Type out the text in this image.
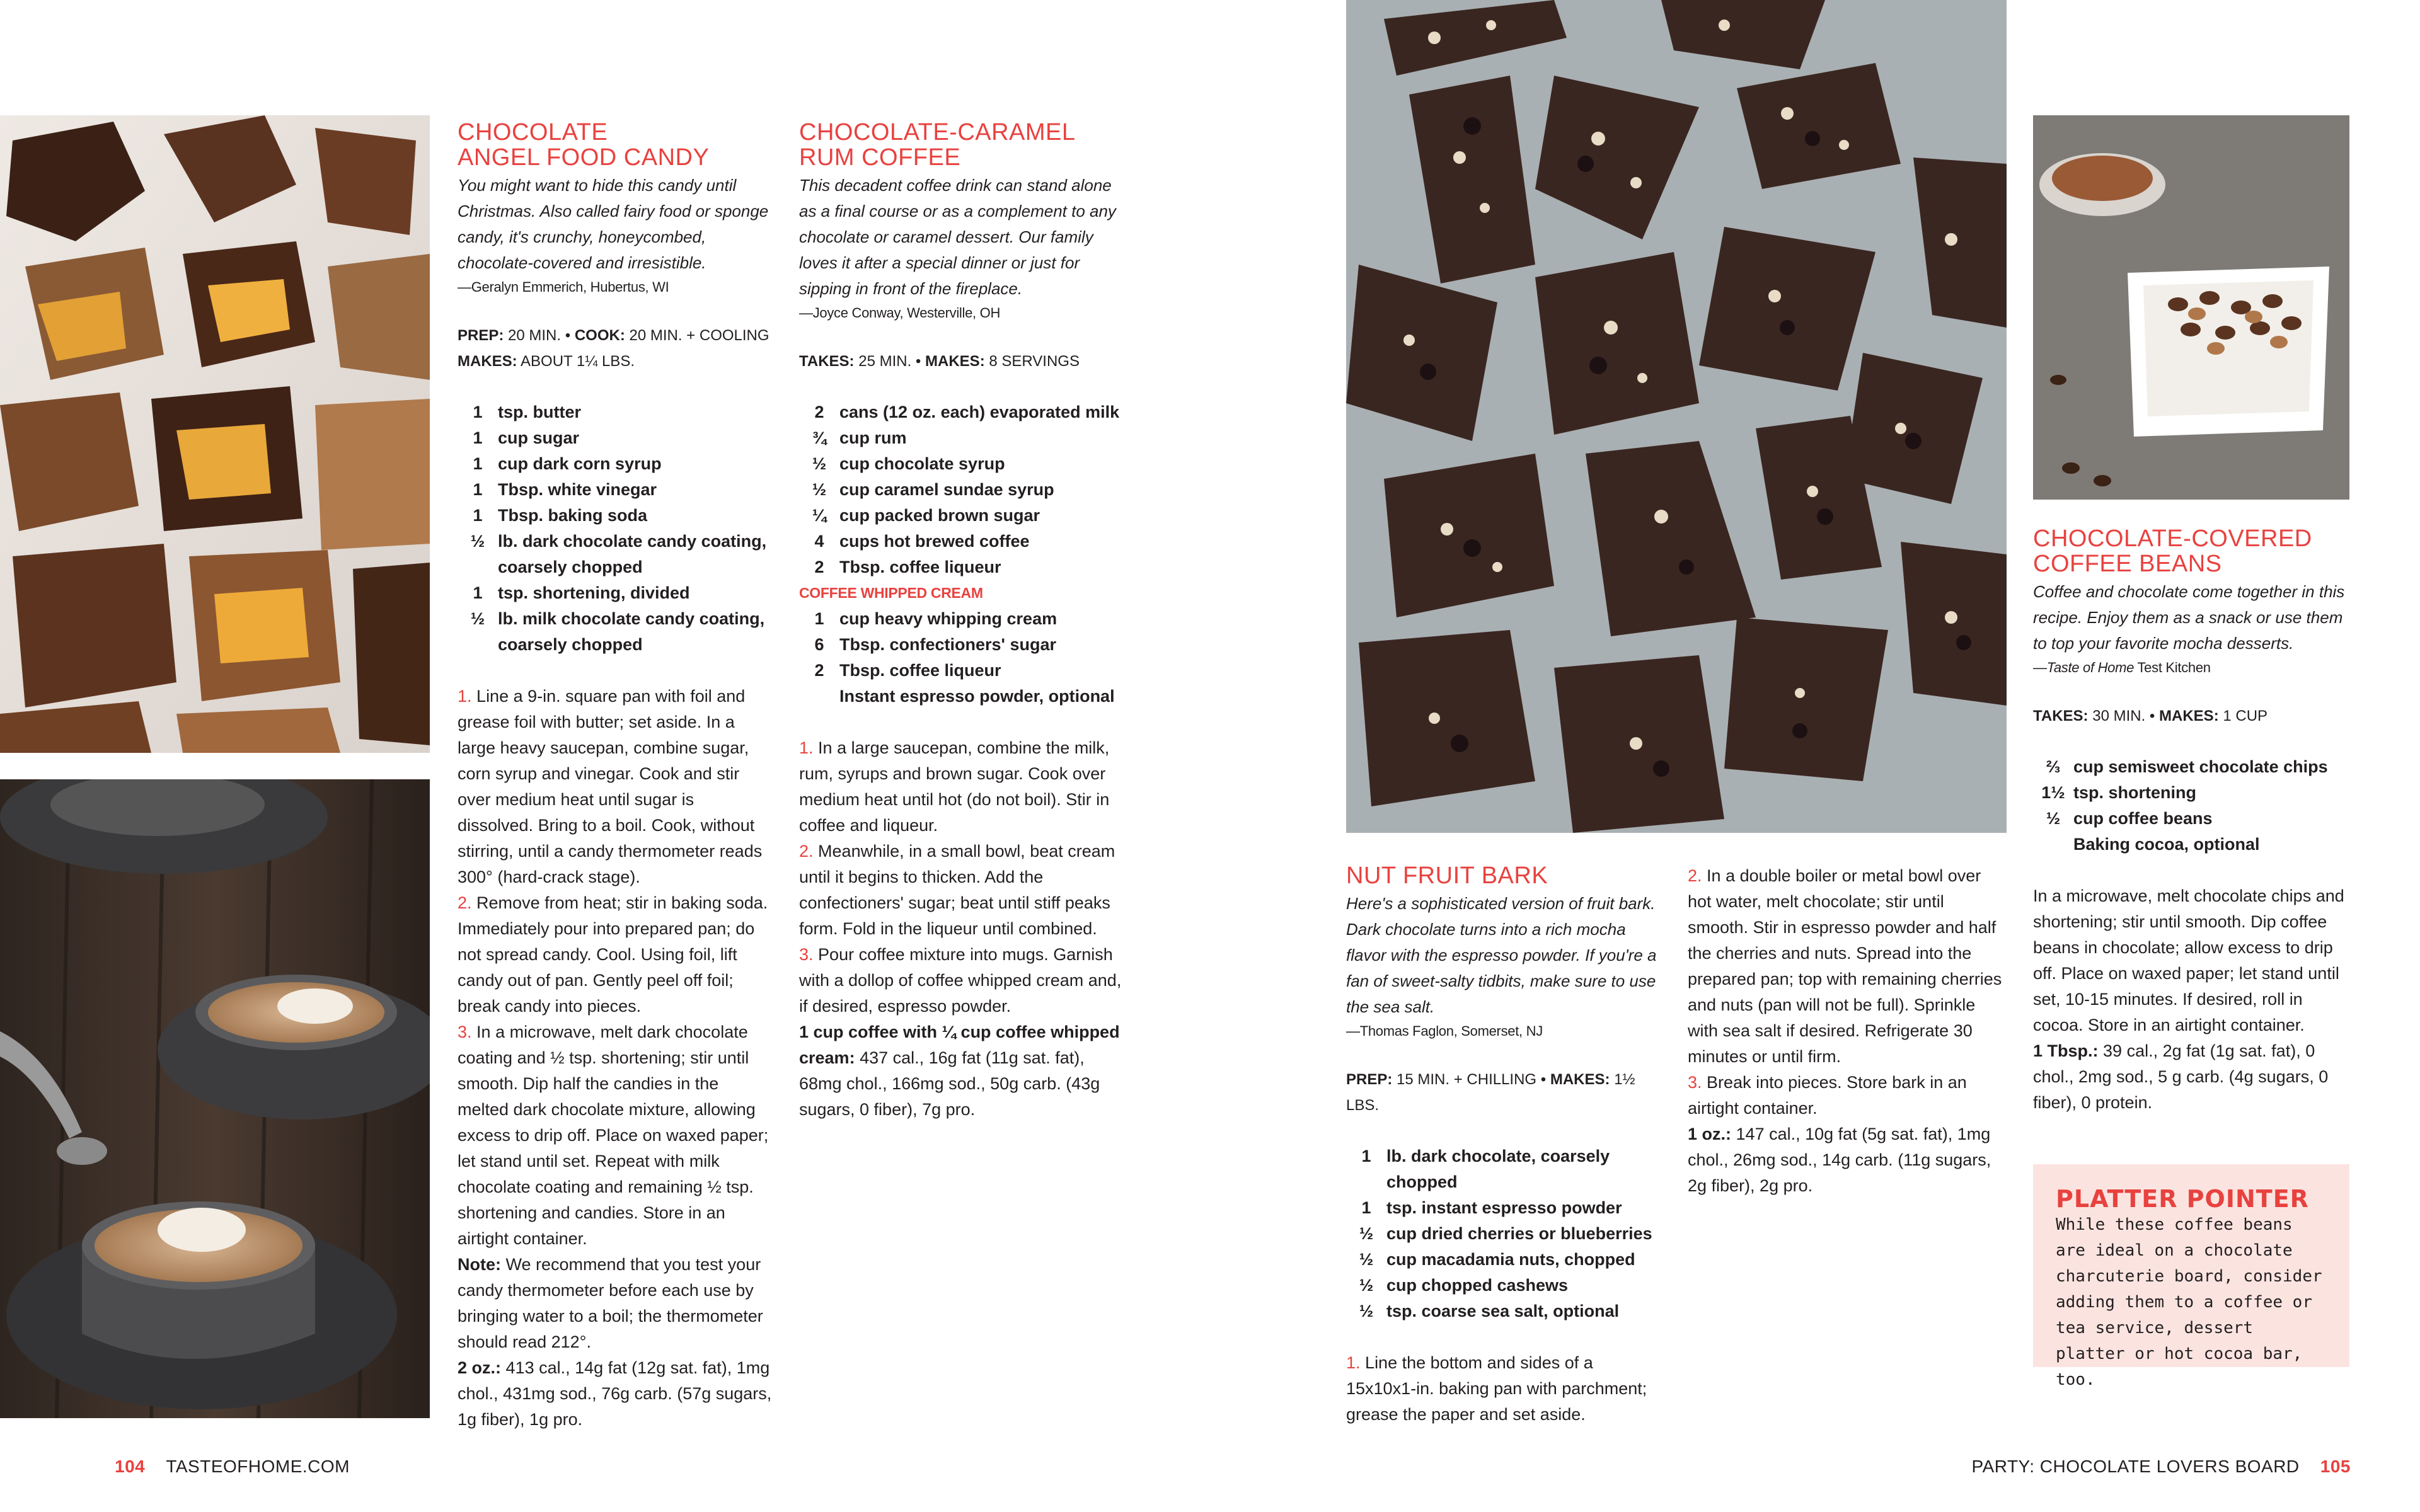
CHOCOLATE
ANGEL FOOD CANDY
You might want to hide this candy until Christmas. Also called fairy food or sponge candy, it's crunchy, honeycombed, chocolate-covered and irresistible.
—Geralyn Emmerich, Hubertus, WI
PREP: 20 MIN. • COOK: 20 MIN. + COOLING
MAKES: ABOUT 1¼ LBS.
1 tsp. butter
1 cup sugar
1 cup dark corn syrup
1 Tbsp. white vinegar
1 Tbsp. baking soda
½ lb. dark chocolate candy coating, coarsely chopped
1 tsp. shortening, divided
½ lb. milk chocolate candy coating, coarsely chopped
1. Line a 9-in. square pan with foil and grease foil with butter; set aside. In a large heavy saucepan, combine sugar, corn syrup and vinegar. Cook and stir over medium heat until sugar is dissolved. Bring to a boil. Cook, without stirring, until a candy thermometer reads 300° (hard-crack stage).
2. Remove from heat; stir in baking soda. Immediately pour into prepared pan; do not spread candy. Cool. Using foil, lift candy out of pan. Gently peel off foil; break candy into pieces.
3. In a microwave, melt dark chocolate coating and ½ tsp. shortening; stir until smooth. Dip half the candies in the melted dark chocolate mixture, allowing excess to drip off. Place on waxed paper; let stand until set. Repeat with milk chocolate coating and remaining ½ tsp. shortening and candies. Store in an airtight container.
Note: We recommend that you test your candy thermometer before each use by bringing water to a boil; the thermometer should read 212°.
2 oz.: 413 cal., 14g fat (12g sat. fat), 1mg chol., 431mg sod., 76g carb. (57g sugars, 1g fiber), 1g pro.
CHOCOLATE-CARAMEL
RUM COFFEE
This decadent coffee drink can stand alone as a final course or as a complement to any chocolate or caramel dessert. Our family loves it after a special dinner or just for sipping in front of the fireplace.
—Joyce Conway, Westerville, OH
TAKES: 25 MIN. • MAKES: 8 SERVINGS
2 cans (12 oz. each) evaporated milk
¾ cup rum
½ cup chocolate syrup
½ cup caramel sundae syrup
¼ cup packed brown sugar
4 cups hot brewed coffee
2 Tbsp. coffee liqueur
COFFEE WHIPPED CREAM
1 cup heavy whipping cream
6 Tbsp. confectioners' sugar
2 Tbsp. coffee liqueur
Instant espresso powder, optional
1. In a large saucepan, combine the milk, rum, syrups and brown sugar. Cook over medium heat until hot (do not boil). Stir in coffee and liqueur.
2. Meanwhile, in a small bowl, beat cream until it begins to thicken. Add the confectioners' sugar; beat until stiff peaks form. Fold in the liqueur until combined.
3. Pour coffee mixture into mugs. Garnish with a dollop of coffee whipped cream and, if desired, espresso powder.
1 cup coffee with ¼ cup coffee whipped cream: 437 cal., 16g fat (11g sat. fat), 68mg chol., 166mg sod., 50g carb. (43g sugars, 0 fiber), 7g pro.
104 TASTEOFHOME.COM
NUT FRUIT BARK
Here's a sophisticated version of fruit bark. Dark chocolate turns into a rich mocha flavor with the espresso powder. If you're a fan of sweet-salty tidbits, make sure to use the sea salt.
—Thomas Faglon, Somerset, NJ
PREP: 15 MIN. + CHILLING • MAKES: 1½ LBS.
1 lb. dark chocolate, coarsely chopped
1 tsp. instant espresso powder
½ cup dried cherries or blueberries
½ cup macadamia nuts, chopped
½ cup chopped cashews
½ tsp. coarse sea salt, optional
1. Line the bottom and sides of a 15x10x1-in. baking pan with parchment; grease the paper and set aside.
2. In a double boiler or metal bowl over hot water, melt chocolate; stir until smooth. Stir in espresso powder and half the cherries and nuts. Spread into the prepared pan; top with remaining cherries and nuts (pan will not be full). Sprinkle with sea salt if desired. Refrigerate 30 minutes or until firm.
3. Break into pieces. Store bark in an airtight container.
1 oz.: 147 cal., 10g fat (5g sat. fat), 1mg chol., 26mg sod., 14g carb. (11g sugars, 2g fiber), 2g pro.
CHOCOLATE-COVERED
COFFEE BEANS
Coffee and chocolate come together in this recipe. Enjoy them as a snack or use them to top your favorite mocha desserts.
—Taste of Home Test Kitchen
TAKES: 30 MIN. • MAKES: 1 CUP
⅔ cup semisweet chocolate chips
1½ tsp. shortening
½ cup coffee beans
Baking cocoa, optional
In a microwave, melt chocolate chips and shortening; stir until smooth. Dip coffee beans in chocolate; allow excess to drip off. Place on waxed paper; let stand until set, 10-15 minutes. If desired, roll in cocoa. Store in an airtight container.
1 Tbsp.: 39 cal., 2g fat (1g sat. fat), 0 chol., 2mg sod., 5 g carb. (4g sugars, 0 fiber), 0 protein.
PLATTER POINTER
While these coffee beans are ideal on a chocolate charcuterie board, consider adding them to a coffee or tea service, dessert platter or hot cocoa bar, too.
PARTY: CHOCOLATE LOVERS BOARD 105
